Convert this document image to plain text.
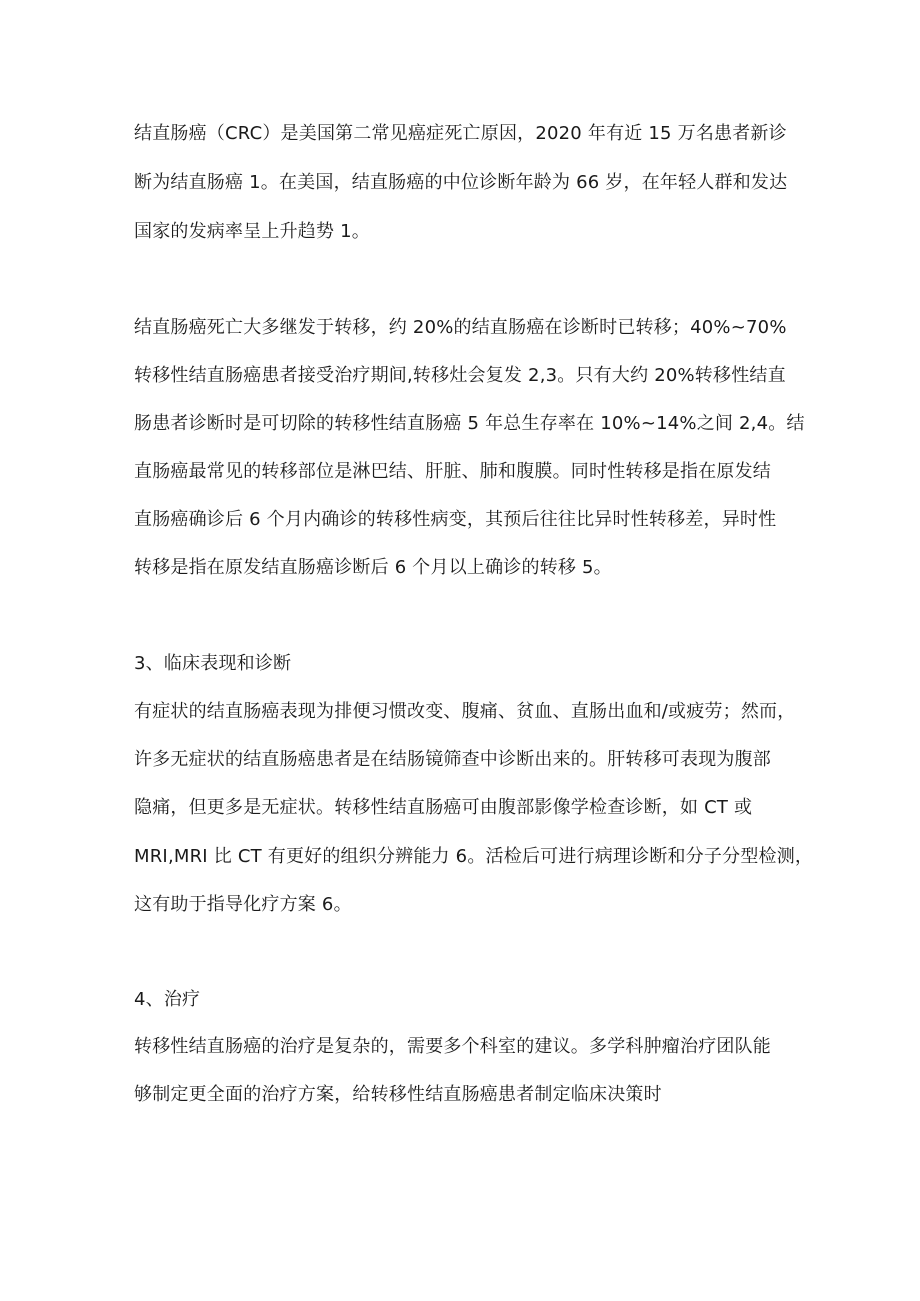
结直肠癌（CRC）是美国第二常见癌症死亡原因，2020 年有近 15 万名患者新诊
断为结直肠癌 1。在美国，结直肠癌的中位诊断年龄为 66 岁，在年轻人群和发达
国家的发病率呈上升趋势 1。
结直肠癌死亡大多继发于转移，约 20%的结直肠癌在诊断时已转移；40%~70%
转移性结直肠癌患者接受治疗期间,转移灶会复发 2,3。只有大约 20%转移性结直
肠患者诊断时是可切除的转移性结直肠癌 5 年总生存率在 10%~14%之间 2,4。结
直肠癌最常见的转移部位是淋巴结、肝脏、肺和腹膜。同时性转移是指在原发结
直肠癌确诊后 6 个月内确诊的转移性病变，其预后往往比异时性转移差，异时性
转移是指在原发结直肠癌诊断后 6 个月以上确诊的转移 5。
3、临床表现和诊断
有症状的结直肠癌表现为排便习惯改变、腹痛、贫血、直肠出血和/或疲劳；然而，
许多无症状的结直肠癌患者是在结肠镜筛查中诊断出来的。肝转移可表现为腹部
隐痛，但更多是无症状。转移性结直肠癌可由腹部影像学检查诊断，如 CT 或
MRI,MRI 比 CT 有更好的组织分辨能力 6。活检后可进行病理诊断和分子分型检测，
这有助于指导化疗方案 6。
4、治疗
转移性结直肠癌的治疗是复杂的，需要多个科室的建议。多学科肿瘤治疗团队能
够制定更全面的治疗方案，给转移性结直肠癌患者制定临床决策时
